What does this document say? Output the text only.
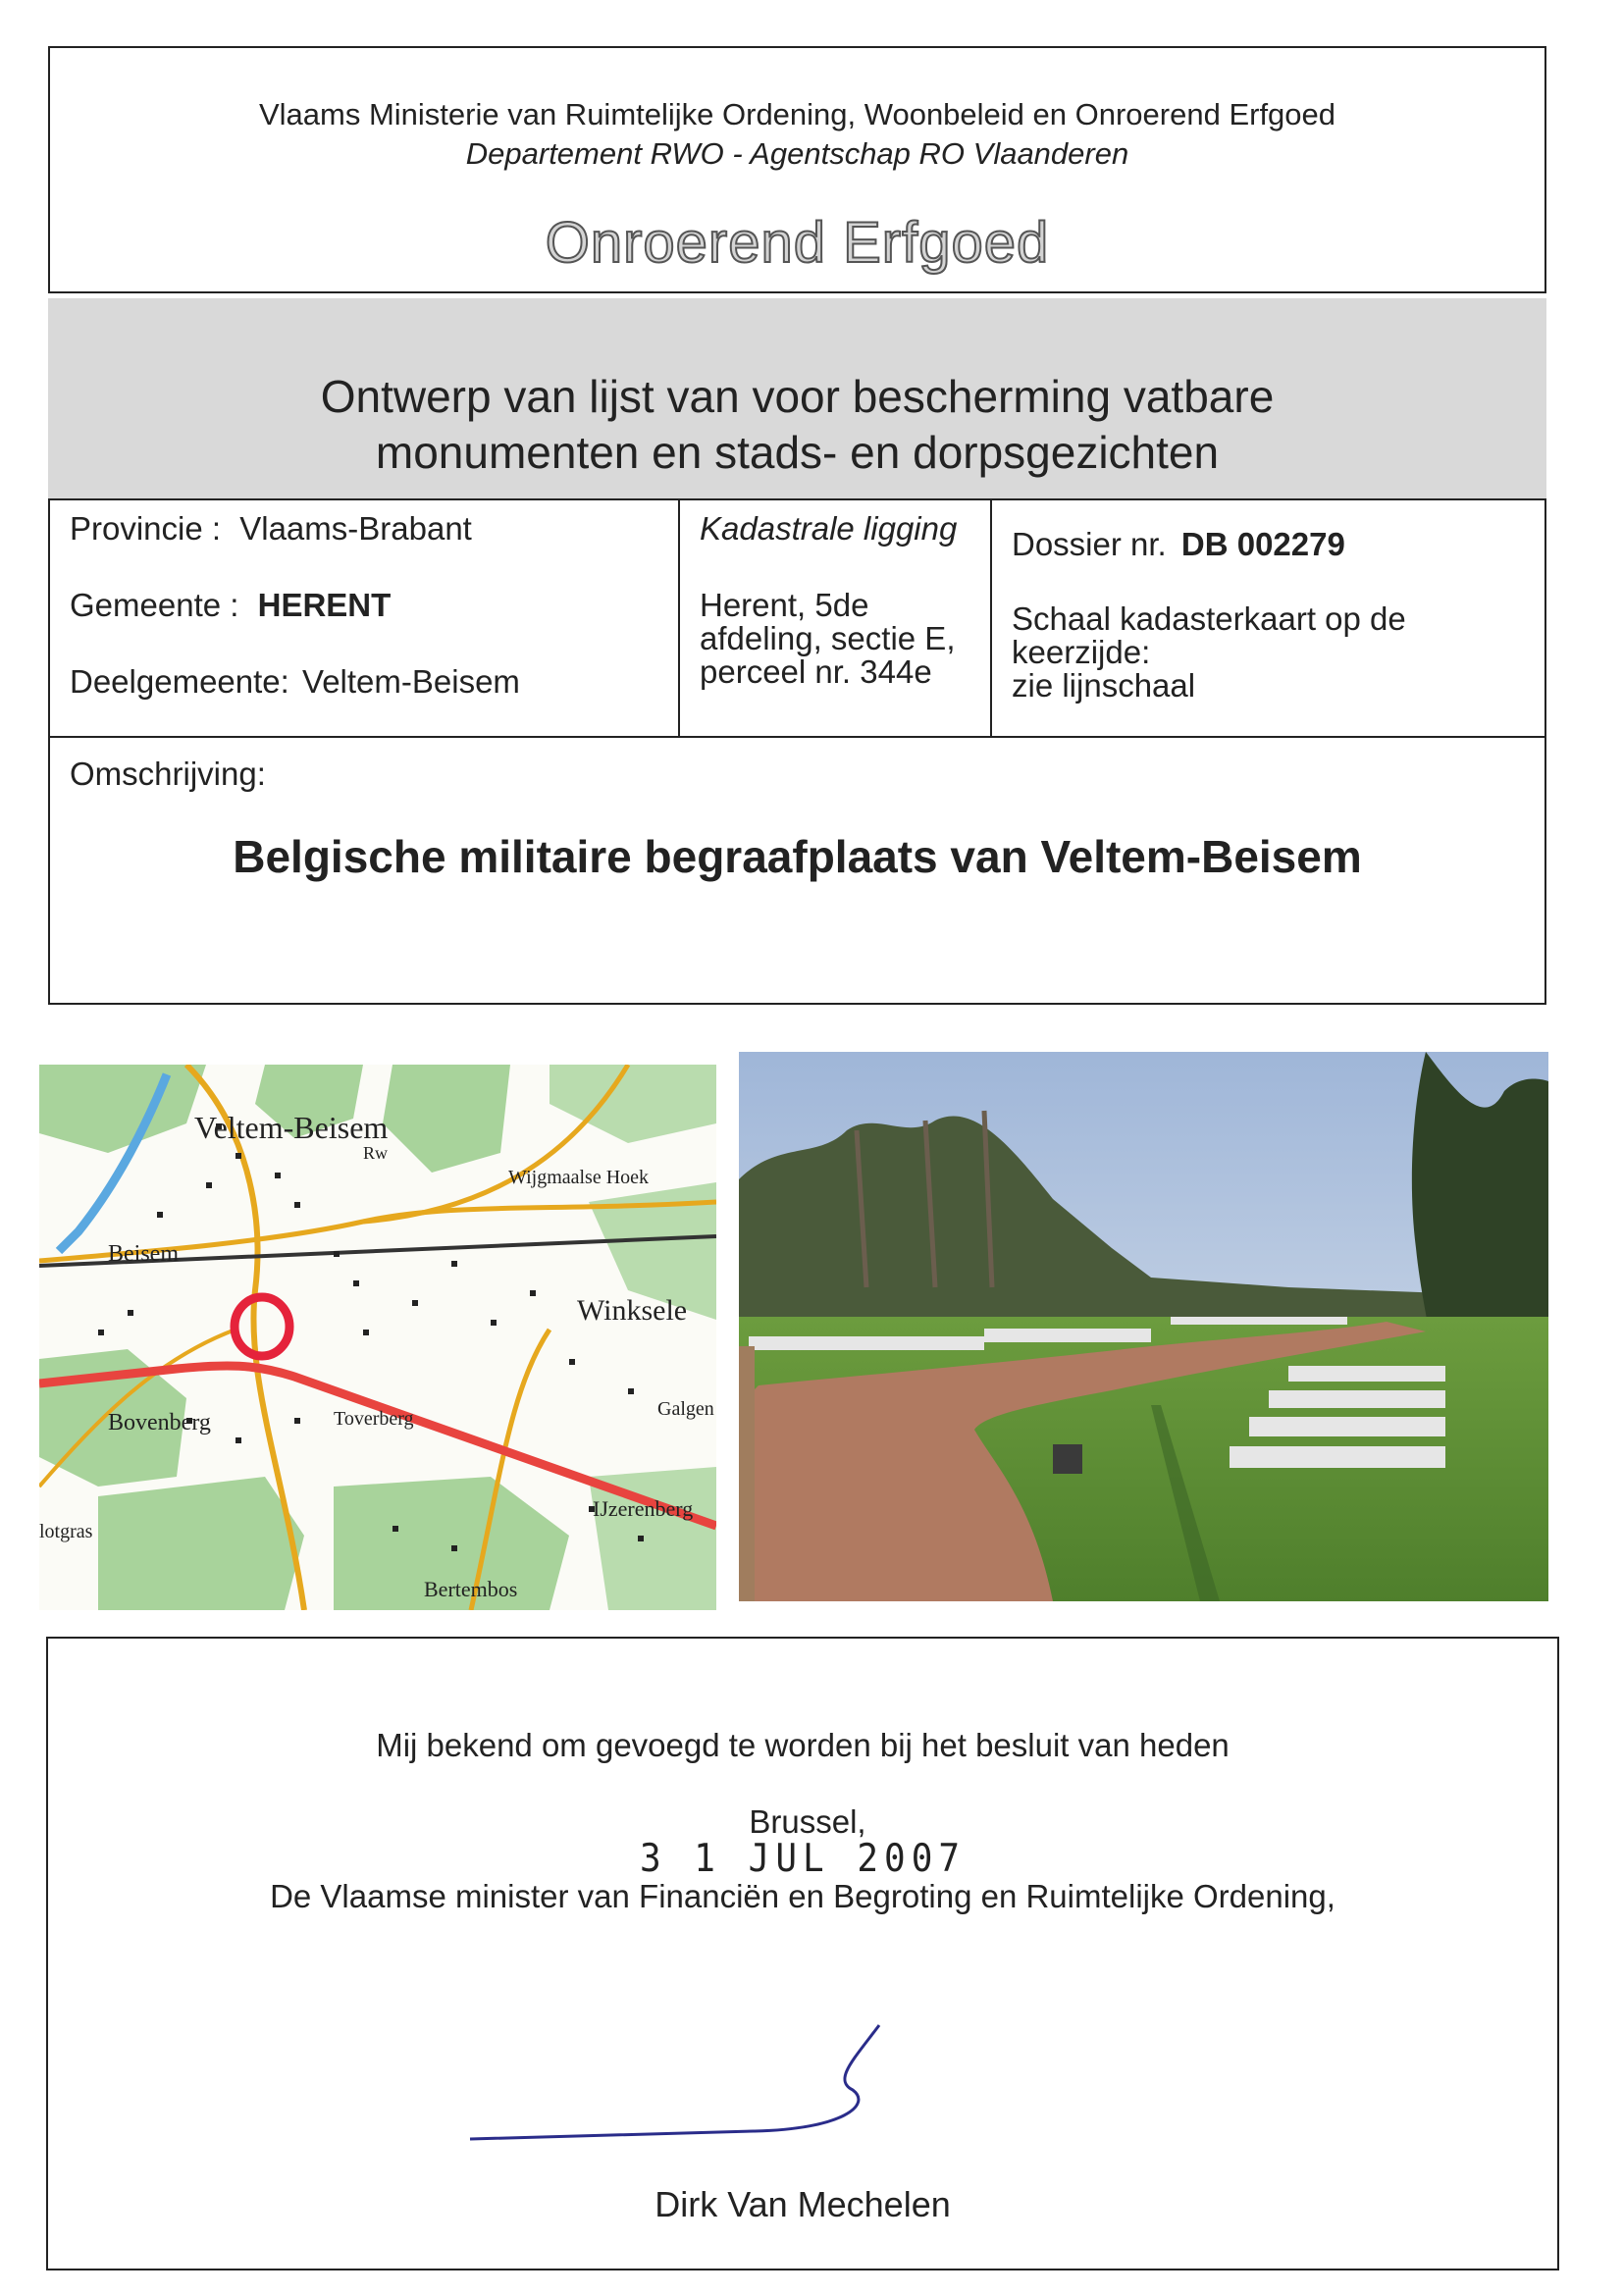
Vlaams Ministerie van Ruimtelijke Ordening, Woonbeleid en Onroerend Erfgoed
Departement RWO - Agentschap RO Vlaanderen
Onroerend Erfgoed
Ontwerp van lijst van voor bescherming vatbare
monumenten en stads- en dorpsgezichten
Provincie : Vlaams-Brabant
Gemeente : HERENT
Deelgemeente: Veltem-Beisem
Kadastrale ligging
Herent, 5de
afdeling, sectie E,
perceel nr. 344e
Dossier nr. DB 002279
Schaal kadasterkaart op de
keerzijde:
zie lijnschaal
Omschrijving:
Belgische militaire begraafplaats van Veltem-Beisem
Veltem-Beisem
Rw
Wijgmaalse Hoek
Beisem
Winksele
Bovenberg	Toverberg	Galgen
IJzerenberg
lotgras
Bertembos
Mij bekend om gevoegd te worden bij het besluit van heden
Brussel,
3 1 JUL 2007
De Vlaamse minister van Financiën en Begroting en Ruimtelijke Ordening,
Dirk Van Mechelen
